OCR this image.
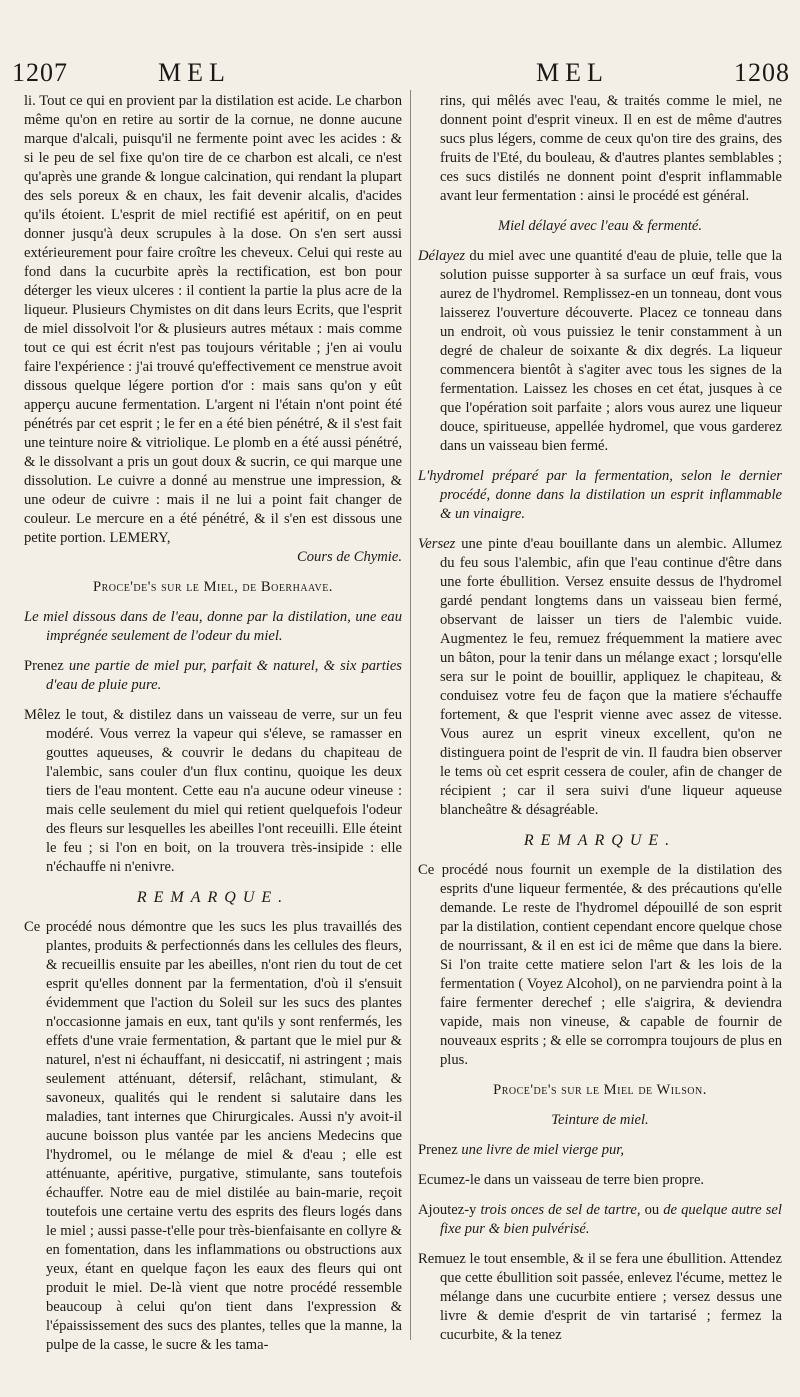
1207	MEL	MEL	1208

li. Tout ce qui en provient par la distilation est acide. Le charbon même qu'on en retire au sortir de la cornue, ne donne aucune marque d'alcali, puisqu'il ne fermente point avec les acides : & si le peu de sel fixe qu'on tire de ce charbon est alcali, ce n'est qu'après une grande & longue calcination, qui rendant la plupart des sels poreux & en chaux, les fait devenir alcalis, d'acides qu'ils étoient. L'esprit de miel rectifié est apéritif, on en peut donner jusqu'à deux scrupules à la dose. On s'en sert aussi extérieurement pour faire croître les cheveux. Celui qui reste au fond dans la cucurbite après la rectification, est bon pour déterger les vieux ulceres : il contient la partie la plus acre de la liqueur. Plusieurs Chymistes on dit dans leurs Ecrits, que l'esprit de miel dissolvoit l'or & plusieurs autres métaux : mais comme tout ce qui est écrit n'est pas toujours véritable ; j'en ai voulu faire l'expérience : j'ai trouvé qu'effectivement ce menstrue avoit dissous quelque légere portion d'or : mais sans qu'on y eût apperçu aucune fermentation. L'argent ni l'étain n'ont point été pénétrés par cet esprit ; le fer en a été bien pénétré, & il s'est fait une teinture noire & vitriolique. Le plomb en a été aussi pénétré, & le dissolvant a pris un gout doux & sucrin, ce qui marque une dissolution. Le cuivre a donné au menstrue une impression, & une odeur de cuivre : mais il ne lui a point fait changer de couleur. Le mercure en a été pénétré, & il s'en est dissous une petite portion. LEMERY,

Cours de Chymie.

Proce'de's sur le Miel, de Boerhaave.

Le miel dissous dans de l'eau, donne par la distilation, une eau imprégnée seulement de l'odeur du miel.

Prenez une partie de miel pur, parfait & naturel, & six parties d'eau de pluie pure.

Mêlez le tout, & distilez dans un vaisseau de verre, sur un feu modéré. Vous verrez la vapeur qui s'éleve, se ramasser en gouttes aqueuses, & couvrir le dedans du chapiteau de l'alembic, sans couler d'un flux continu, quoique les deux tiers de l'eau montent. Cette eau n'a aucune odeur vineuse : mais celle seulement du miel qui retient quelquefois l'odeur des fleurs sur lesquelles les abeilles l'ont receuilli. Elle éteint le feu ; si l'on en boit, on la trouvera très-insipide : elle n'échauffe ni n'enivre.

REMARQUE.

Ce procédé nous démontre que les sucs les plus travaillés des plantes, produits & perfectionnés dans les cellules des fleurs, & recueillis ensuite par les abeilles, n'ont rien du tout de cet esprit qu'elles donnent par la fermentation, d'où il s'ensuit évidemment que l'action du Soleil sur les sucs des plantes n'occasionne jamais en eux, tant qu'ils y sont renfermés, les effets d'une vraie fermentation, & partant que le miel pur & naturel, n'est ni échauffant, ni desiccatif, ni astringent ; mais seulement atténuant, détersif, relâchant, stimulant, & savoneux, qualités qui le rendent si salutaire dans les maladies, tant internes que Chirurgicales. Aussi n'y avoit-il aucune boisson plus vantée par les anciens Medecins que l'hydromel, ou le mélange de miel & d'eau ; elle est atténuante, apéritive, purgative, stimulante, sans toutefois échauffer. Notre eau de miel distilée au bain-marie, reçoit toutefois une certaine vertu des esprits des fleurs logés dans le miel ; aussi passe-t'elle pour très-bienfaisante en collyre & en fomentation, dans les inflammations ou obstructions aux yeux, étant en quelque façon les eaux des fleurs qui ont produit le miel. De-là vient que notre procédé ressemble beaucoup à celui qu'on tient dans l'expression & l'épaississement des sucs des plantes, telles que la manne, la pulpe de la casse, le sucre & les tama-

rins, qui mêlés avec l'eau, & traités comme le miel, ne donnent point d'esprit vineux. Il en est de même d'autres sucs plus légers, comme de ceux qu'on tire des grains, des fruits de l'Eté, du bouleau, & d'autres plantes semblables ; ces sucs distilés ne donnent point d'esprit inflammable avant leur fermentation : ainsi le procédé est général.

Miel délayé avec l'eau & fermenté.

Délayez du miel avec une quantité d'eau de pluie, telle que la solution puisse supporter à sa surface un œuf frais, vous aurez de l'hydromel. Remplissez-en un tonneau, dont vous laisserez l'ouverture découverte. Placez ce tonneau dans un endroit, où vous puissiez le tenir constamment à un degré de chaleur de soixante & dix degrés. La liqueur commencera bientôt à s'agiter avec tous les signes de la fermentation. Laissez les choses en cet état, jusques à ce que l'opération soit parfaite ; alors vous aurez une liqueur douce, spiritueuse, appellée hydromel, que vous garderez dans un vaisseau bien fermé.

L'hydromel préparé par la fermentation, selon le dernier procédé, donne dans la distilation un esprit inflammable & un vinaigre.

Versez une pinte d'eau bouillante dans un alembic. Allumez du feu sous l'alembic, afin que l'eau continue d'être dans une forte ébullition. Versez ensuite dessus de l'hydromel gardé pendant longtems dans un vaisseau bien fermé, observant de laisser un tiers de l'alembic vuide. Augmentez le feu, remuez fréquemment la matiere avec un bâton, pour la tenir dans un mélange exact ; lorsqu'elle sera sur le point de bouillir, appliquez le chapiteau, & conduisez votre feu de façon que la matiere s'échauffe fortement, & que l'esprit vienne avec assez de vitesse. Vous aurez un esprit vineux excellent, qu'on ne distinguera point de l'esprit de vin. Il faudra bien observer le tems où cet esprit cessera de couler, afin de changer de récipient ; car il sera suivi d'une liqueur aqueuse blancheâtre & désagréable.

REMARQUE.

Ce procédé nous fournit un exemple de la distilation des esprits d'une liqueur fermentée, & des précautions qu'elle demande. Le reste de l'hydromel dépouillé de son esprit par la distilation, contient cependant encore quelque chose de nourrissant, & il en est ici de même que dans la biere. Si l'on traite cette matiere selon l'art & les lois de la fermentation ( Voyez Alcohol), on ne parviendra point à la faire fermenter derechef ; elle s'aigrira, & deviendra vapide, mais non vineuse, & capable de fournir de nouveaux esprits ; & elle se corrompra toujours de plus en plus.

Proce'de's sur le Miel de Wilson.

Teinture de miel.

Prenez une livre de miel vierge pur,

Ecumez-le dans un vaisseau de terre bien propre.

Ajoutez-y trois onces de sel de tartre, ou de quelque autre sel fixe pur & bien pulvérisé.

Remuez le tout ensemble, & il se fera une ébullition. Attendez que cette ébullition soit passée, enlevez l'écume, mettez le mélange dans une cucurbite entiere ; versez dessus une livre & demie d'esprit de vin tartarisé ; fermez la cucurbite, & la tenez
